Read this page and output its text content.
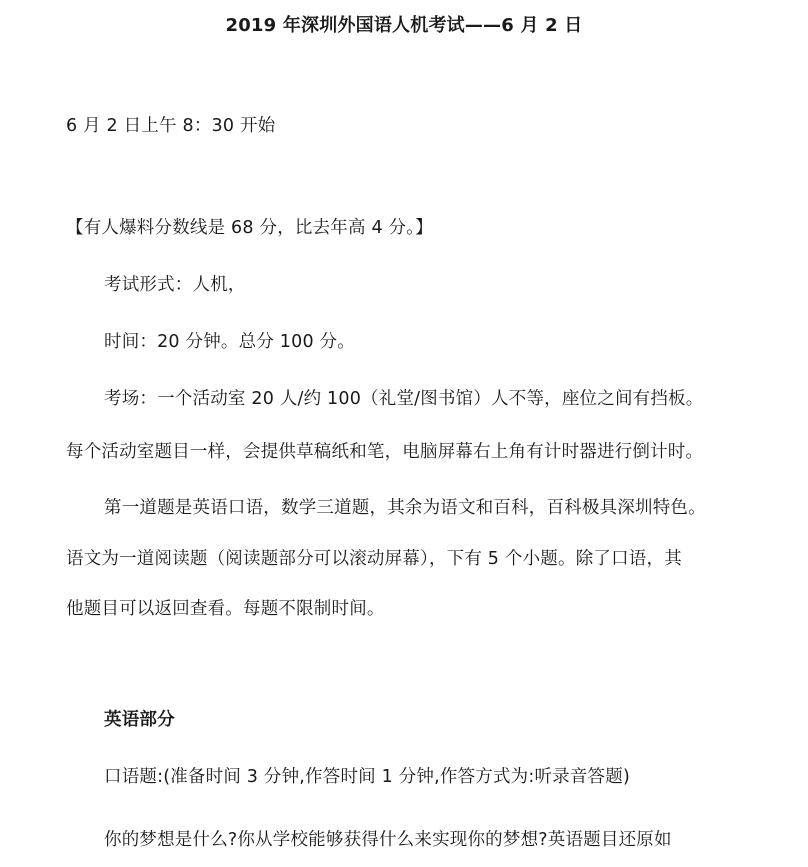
2019 年深圳外国语人机考试——6 月 2 日
6 月 2 日上午 8：30 开始
【有人爆料分数线是 68 分，比去年高 4 分。】
考试形式：人机，
时间：20 分钟。总分 100 分。
考场：一个活动室 20 人/约 100（礼堂/图书馆）人不等，座位之间有挡板。
每个活动室题目一样，会提供草稿纸和笔，电脑屏幕右上角有计时器进行倒计时。
第一道题是英语口语，数学三道题，其余为语文和百科，百科极具深圳特色。
语文为一道阅读题（阅读题部分可以滚动屏幕），下有 5 个小题。除了口语，其
他题目可以返回查看。每题不限制时间。
英语部分
口语题:(准备时间 3 分钟,作答时间 1 分钟,作答方式为:听录音答题)
你的梦想是什么?你从学校能够获得什么来实现你的梦想?英语题目还原如
